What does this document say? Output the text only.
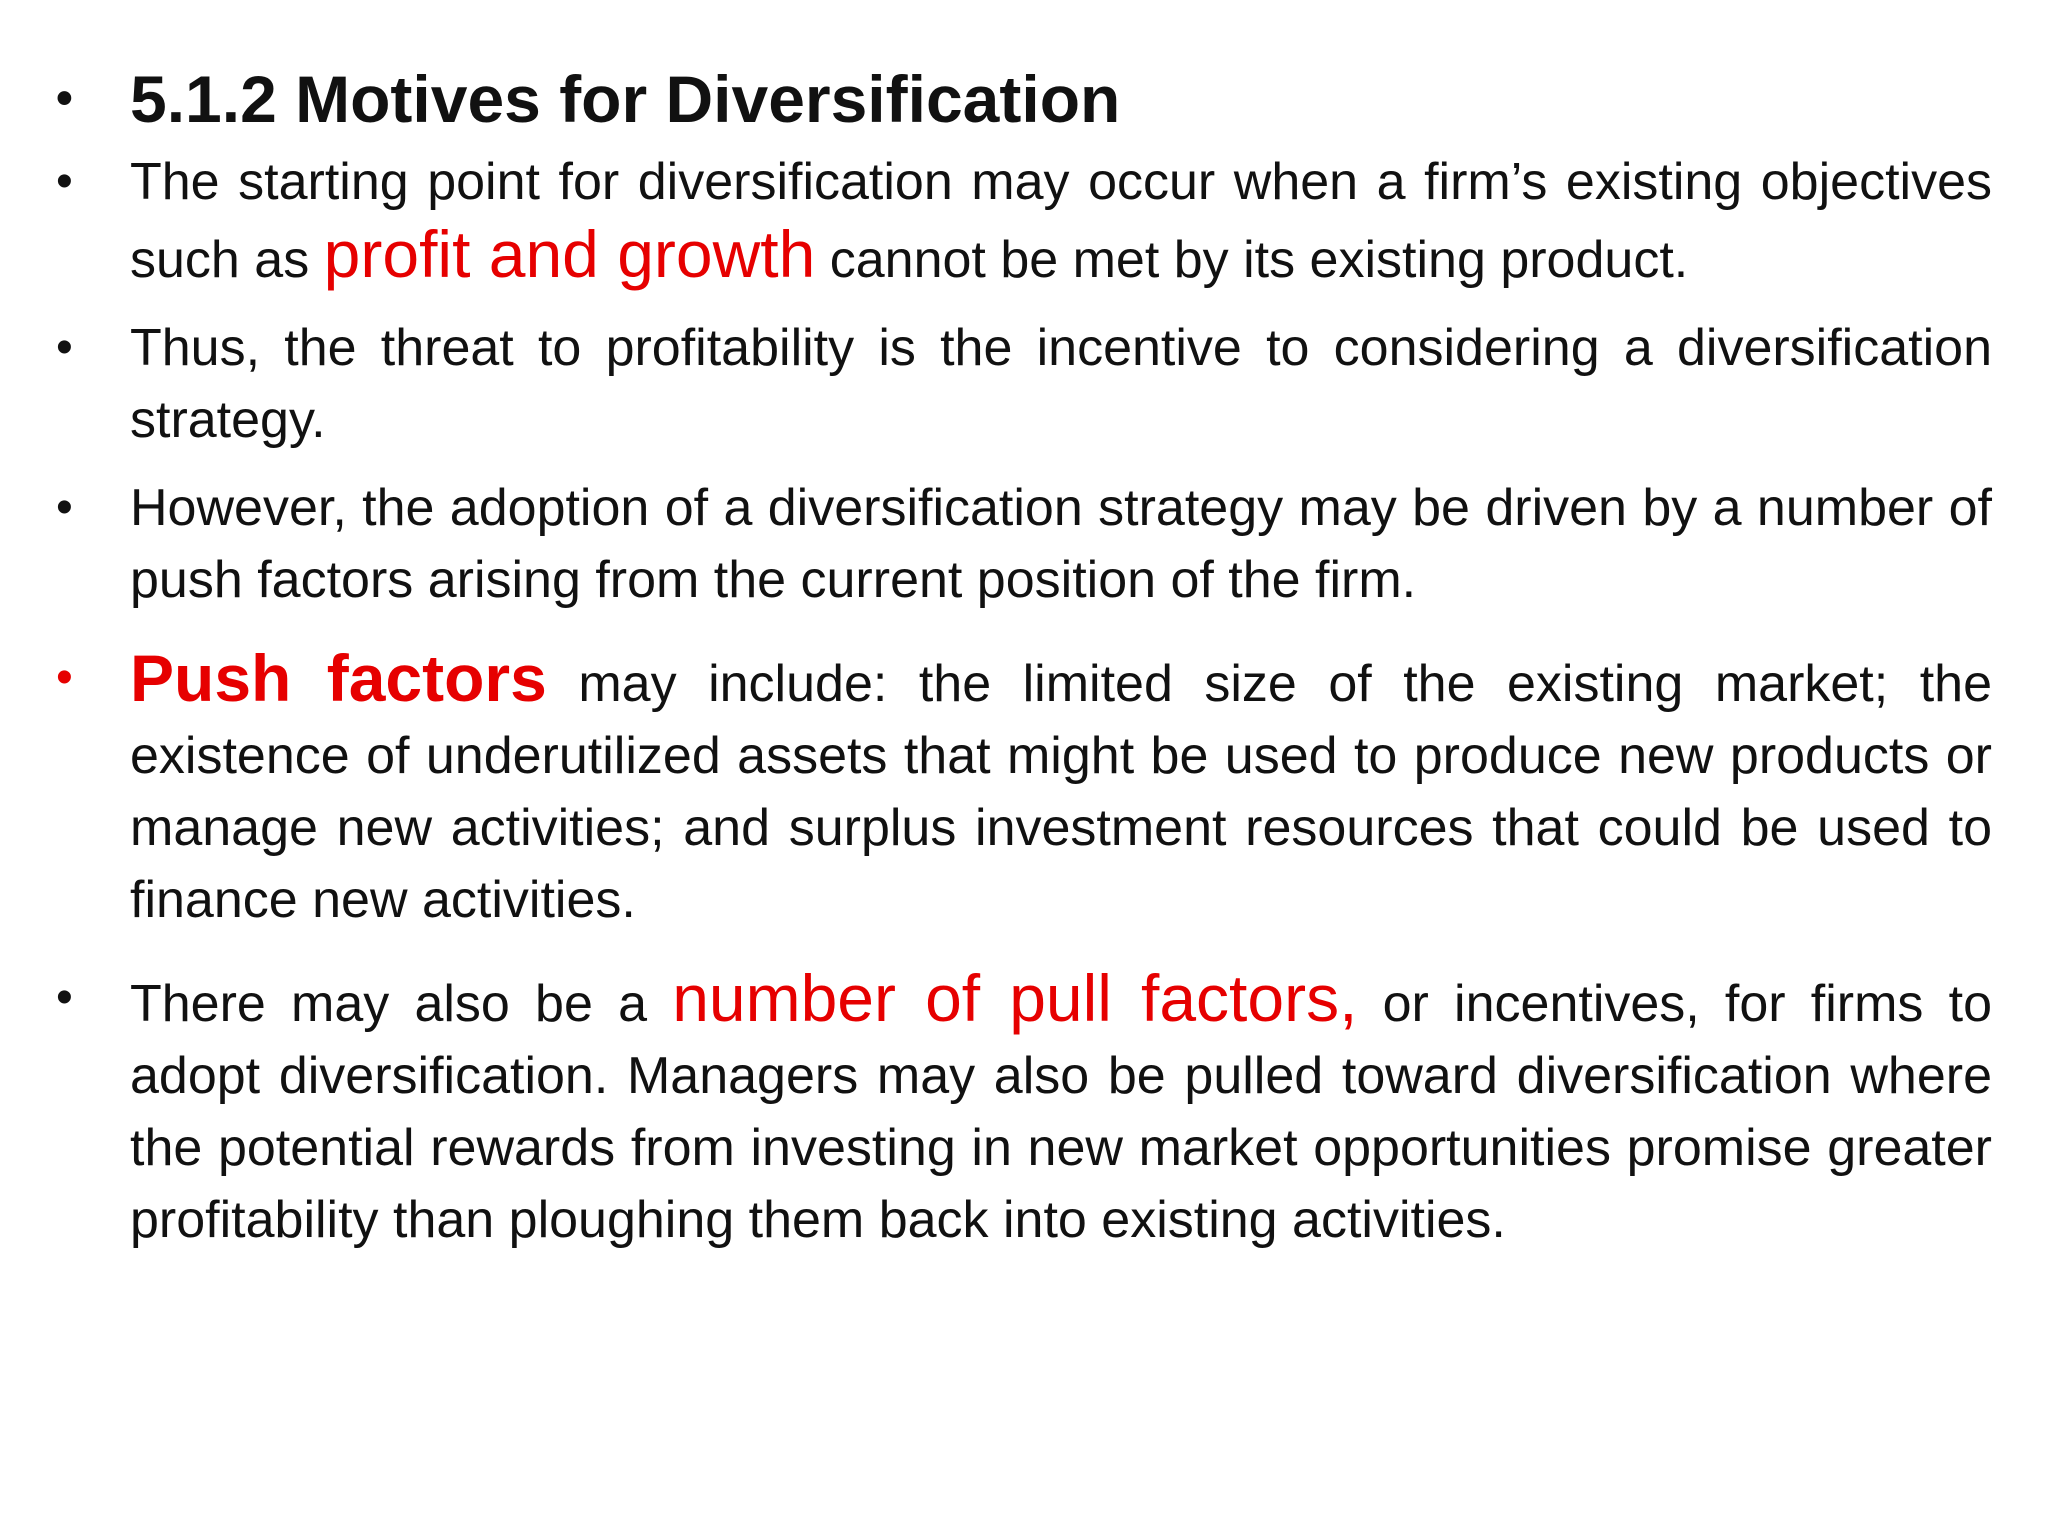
• 5.1.2 Motives for Diversification
• The starting point for diversification may occur when a firm’s existing objectives such as profit and growth cannot be met by its existing product.
• Thus, the threat to profitability is the incentive to considering a diversification strategy.
• However, the adoption of a diversification strategy may be driven by a number of push factors arising from the current position of the firm.
• Push factors may include: the limited size of the existing market; the existence of underutilized assets that might be used to produce new products or manage new activities; and surplus investment resources that could be used to finance new activities.
• There may also be a number of pull factors, or incentives, for firms to adopt diversification. Managers may also be pulled toward diversification where the potential rewards from investing in new market opportunities promise greater profitability than ploughing them back into existing activities.
